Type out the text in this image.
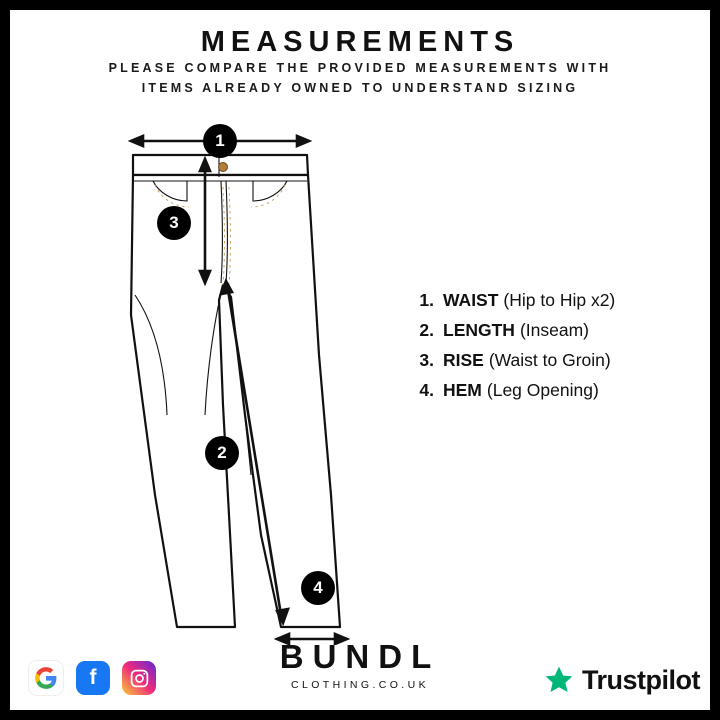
MEASUREMENTS
PLEASE COMPARE THE PROVIDED MEASUREMENTS WITH
ITEMS ALREADY OWNED TO UNDERSTAND SIZING
1
3
2
4
1. WAIST (Hip to Hip x2)
2. LENGTH (Inseam)
3. RISE (Waist to Groin)
4. HEM (Leg Opening)
BUNDL
CLOTHING.CO.UK
f	Trustpilot
